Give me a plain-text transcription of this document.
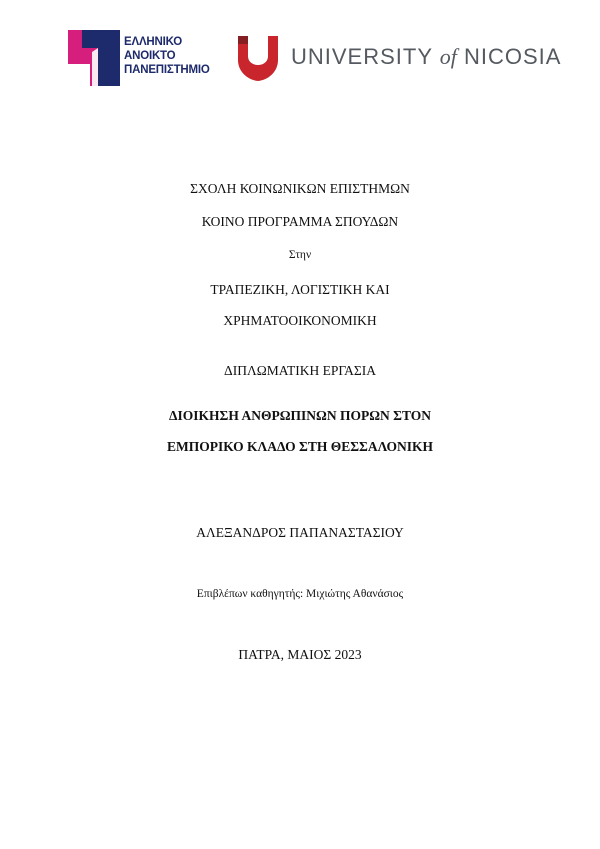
ΕΛΛΗΝΙΚΟ
ΑΝΟΙΚΤΟ
ΠΑΝΕΠΙΣΤΗΜΙΟ
UNIVERSITY of NICOSIA
ΣΧΟΛΗ ΚΟΙΝΩΝΙΚΩΝ ΕΠΙΣΤΗΜΩΝ
ΚΟΙΝΟ ΠΡΟΓΡΑΜΜΑ ΣΠΟΥΔΩΝ
Στην
ΤΡΑΠΕΖΙΚΗ, ΛΟΓΙΣΤΙΚΗ ΚΑΙ
ΧΡΗΜΑΤΟΟΙΚΟΝΟΜΙΚΗ
ΔΙΠΛΩΜΑΤΙΚΗ ΕΡΓΑΣΙΑ
ΔΙΟΙΚΗΣΗ ΑΝΘΡΩΠΙΝΩΝ ΠΟΡΩΝ ΣΤΟΝ
ΕΜΠΟΡΙΚΟ ΚΛΑΔΟ ΣΤΗ ΘΕΣΣΑΛΟΝΙΚΗ
ΑΛΕΞΑΝΔΡΟΣ ΠΑΠΑΝΑΣΤΑΣΙΟΥ
Επιβλέπων καθηγητής: Μιχιώτης Αθανάσιος
ΠΑΤΡΑ, ΜΑΙΟΣ 2023
